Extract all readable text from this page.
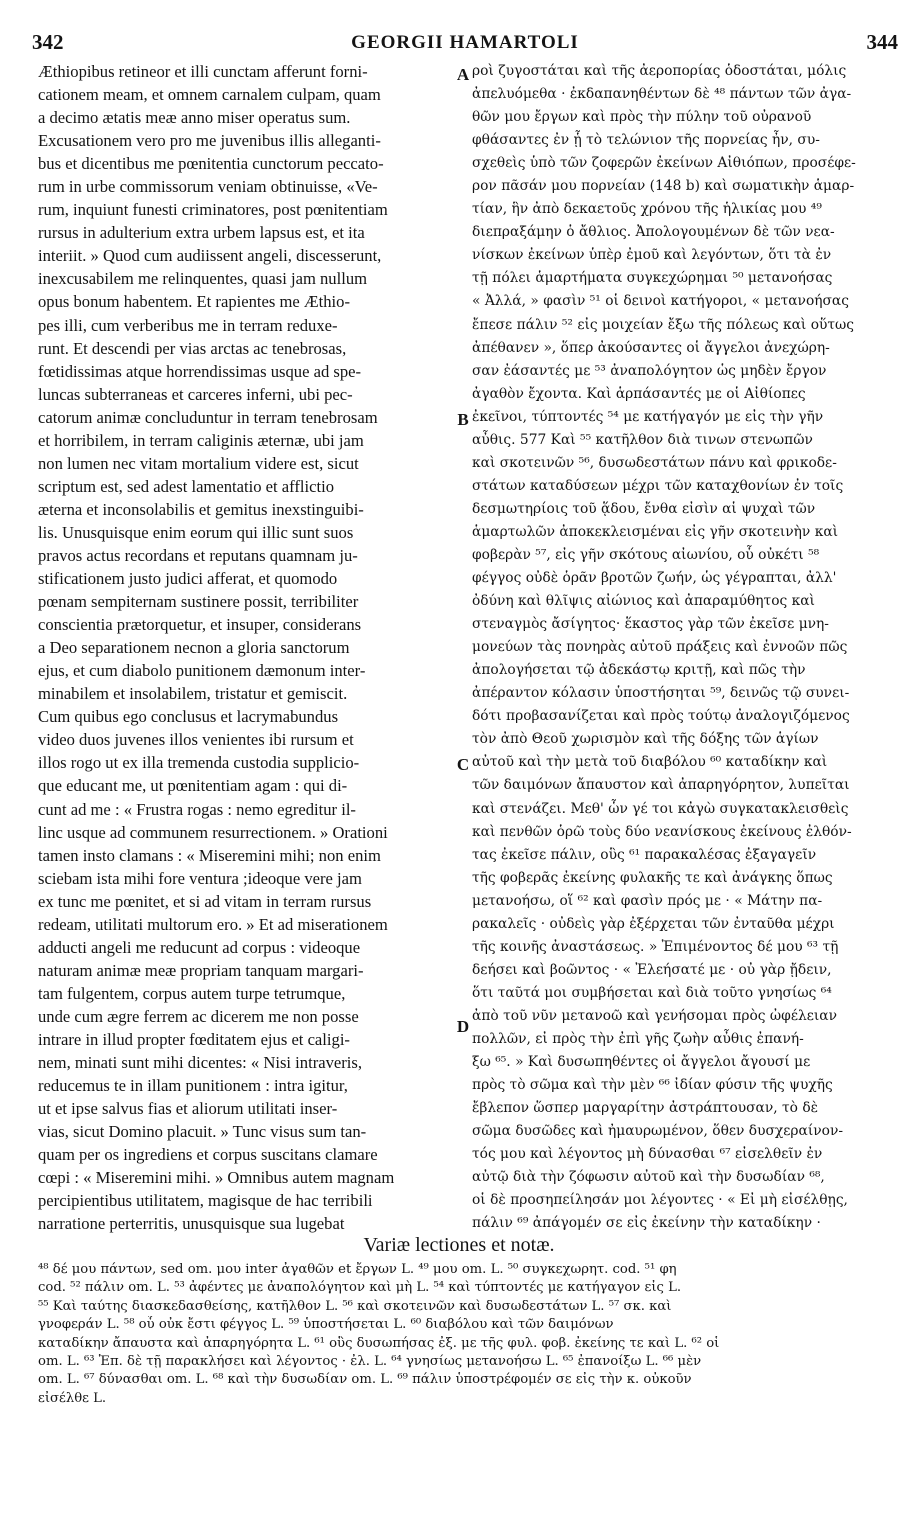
342	GEORGII HAMARTOLI	344
Æthiopibus retineor et illi cunctam afferunt forni-
cationem meam, et omnem carnalem culpam, quam
a decimo ætatis meæ anno miser operatus sum.
Excusationem vero pro me juvenibus illis alleganti-
bus et dicentibus me pœnitentia cunctorum peccato-
rum in urbe commissorum veniam obtinuisse, «Ve-
rum, inquiunt funesti criminatores, post pœnitentiam
rursus in adulterium extra urbem lapsus est, et ita
interiit. » Quod cum audiissent angeli, discesserunt,
inexcusabilem me relinquentes, quasi jam nullum
opus bonum habentem. Et rapientes me Æthio-
pes illi, cum verberibus me in terram reduxe-
runt. Et descendi per vias arctas ac tenebrosas,
fœtidissimas atque horrendissimas usque ad spe-
luncas subterraneas et carceres inferni, ubi pec-
catorum animæ concluduntur in terram tenebrosam
et horribilem, in terram caliginis æternæ, ubi jam
non lumen nec vitam mortalium videre est, sicut
scriptum est, sed adest lamentatio et afflictio
æterna et inconsolabilis et gemitus inexstinguibi-
lis. Unusquisque enim eorum qui illic sunt suos
pravos actus recordans et reputans quamnam ju-
stificationem justo judici afferat, et quomodo
pœnam sempiternam sustinere possit, terribiliter
conscientia prætorquetur, et insuper, considerans
a Deo separationem necnon a gloria sanctorum
ejus, et cum diabolo punitionem dæmonum inter-
minabilem et insolabilem, tristatur et gemiscit.
Cum quibus ego conclusus et lacrymabundus
video duos juvenes illos venientes ibi rursum et
illos rogo ut ex illa tremenda custodia supplicio-
que educant me, ut pœnitentiam agam : qui di-
cunt ad me : « Frustra rogas : nemo egreditur il-
linc usque ad communem resurrectionem. » Orationi
tamen insto clamans : « Miseremini mihi; non enim
sciebam ista mihi fore ventura ;ideoque vere jam
ex tunc me pœnitet, et si ad vitam in terram rursus
redeam, utilitati multorum ero. » Et ad miserationem
adducti angeli me reducunt ad corpus : videoque
naturam animæ meæ propriam tanquam margari-
tam fulgentem, corpus autem turpe tetrumque,
unde cum ægre ferrem ac dicerem me non posse
intrare in illud propter fœditatem ejus et caligi-
nem, minati sunt mihi dicentes: « Nisi intraveris,
reducemus te in illam punitionem : intra igitur,
ut et ipse salvus fias et aliorum utilitati inser-
vias, sicut Domino placuit. » Tunc visus sum tan-
quam per os ingrediens et corpus suscitans clamare
cœpi : « Miseremini mihi. » Omnibus autem magnam
percipientibus utilitatem, magisque de hac terribili
narratione perterritis, unusquisque sua lugebat
A
B
C
D
ροὶ ζυγοστάται καὶ τῆς ἀεροπορίας ὁδοστάται, μόλις
ἀπελυόμεθα · ἐκδαπανηθέντων δὲ ⁴⁸ πάντων τῶν ἀγα-
θῶν μου ἔργων καὶ πρὸς τὴν πύλην τοῦ οὐρανοῦ
φθάσαντες ἐν ᾗ τὸ τελώνιον τῆς πορνείας ἦν, συ-
σχεθεὶς ὑπὸ τῶν ζοφερῶν ἐκείνων Αἰθιόπων, προσέφε-
ρον πᾶσάν μου πορνείαν (148 b) καὶ σωματικὴν ἁμαρ-
τίαν, ἣν ἀπὸ δεκαετοῦς χρόνου τῆς ἡλικίας μου ⁴⁹
διεπραξάμην ὁ ἄθλιος. Ἀπολογουμένων δὲ τῶν νεα-
νίσκων ἐκείνων ὑπὲρ ἐμοῦ καὶ λεγόντων, ὅτι τὰ ἐν
τῇ πόλει ἁμαρτήματα συγκεχώρημαι ⁵⁰ μετανοήσας
« Ἀλλά, » φασὶν ⁵¹ οἱ δεινοὶ κατήγοροι, « μετανοήσας
ἔπεσε πάλιν ⁵² εἰς μοιχείαν ἔξω τῆς πόλεως καὶ οὕτως
ἀπέθανεν », ὅπερ ἀκούσαντες οἱ ἄγγελοι ἀνεχώρη-
σαν ἐάσαντές με ⁵³ ἀναπολόγητον ὡς μηδὲν ἔργον
ἀγαθὸν ἔχοντα. Καὶ ἁρπάσαντές με οἱ Αἰθίοπες
ἐκεῖνοι, τύπτοντές ⁵⁴ με κατήγαγόν με εἰς τὴν γῆν
αὖθις. 577 Καὶ ⁵⁵ κατῆλθον διὰ τινων στενωπῶν
καὶ σκοτεινῶν ⁵⁶, δυσωδεστάτων πάνυ καὶ φρικοδε-
στάτων καταδύσεων μέχρι τῶν καταχθονίων ἐν τοῖς
δεσμωτηρίοις τοῦ ᾅδου, ἔνθα εἰσὶν αἱ ψυχαὶ τῶν
ἁμαρτωλῶν ἀποκεκλεισμέναι εἰς γῆν σκοτεινὴν καὶ
φοβερὰν ⁵⁷, εἰς γῆν σκότους αἰωνίου, οὗ οὐκέτι ⁵⁸
φέγγος οὐδὲ ὁρᾶν βροτῶν ζωήν, ὡς γέγραπται, ἀλλ'
ὀδύνη καὶ θλῖψις αἰώνιος καὶ ἀπαραμύθητος καὶ
στεναγμὸς ἄσίγητος· ἕκαστος γὰρ τῶν ἐκεῖσε μνη-
μονεύων τὰς πονηρὰς αὐτοῦ πράξεις καὶ ἐννοῶν πῶς
ἀπολογήσεται τῷ ἀδεκάστῳ κριτῇ, καὶ πῶς τὴν
ἀπέραντον κόλασιν ὑποστήσηται ⁵⁹, δεινῶς τῷ συνει-
δότι προβασανίζεται καὶ πρὸς τούτῳ ἀναλογιζόμενος
τὸν ἀπὸ Θεοῦ χωρισμὸν καὶ τῆς δόξης τῶν ἁγίων
αὐτοῦ καὶ τὴν μετὰ τοῦ διαβόλου ⁶⁰ καταδίκην καὶ
τῶν δαιμόνων ἄπαυστον καὶ ἀπαρηγόρητον, λυπεῖται
καὶ στενάζει. Μεθ' ὧν γέ τοι κἀγὼ συγκατακλεισθεὶς
καὶ πενθῶν ὁρῶ τοὺς δύο νεανίσκους ἐκείνους ἐλθόν-
τας ἐκεῖσε πάλιν, οὓς ⁶¹ παρακαλέσας ἐξαγαγεῖν
τῆς φοβερᾶς ἐκείνης φυλακῆς τε καὶ ἀνάγκης ὅπως
μετανοήσω, οἵ ⁶² καὶ φασὶν πρός με · « Μάτην πα-
ρακαλεῖς · οὐδεὶς γὰρ ἐξέρχεται τῶν ἐνταῦθα μέχρι
τῆς κοινῆς ἀναστάσεως. » Ἐπιμένοντος δέ μου ⁶³ τῇ
δεήσει καὶ βοῶντος · « Ἐλεήσατέ με · οὐ γὰρ ᾔδειν,
ὅτι ταῦτά μοι συμβήσεται καὶ διὰ τοῦτο γνησίως ⁶⁴
ἀπὸ τοῦ νῦν μετανοῶ καὶ γενήσομαι πρὸς ὠφέλειαν
πολλῶν, εἰ πρὸς τὴν ἐπὶ γῆς ζωὴν αὖθις ἐπανή-
ξω ⁶⁵. » Καὶ δυσωπηθέντες οἱ ἄγγελοι ἄγουσί με
πρὸς τὸ σῶμα καὶ τὴν μὲν ⁶⁶ ἰδίαν φύσιν τῆς ψυχῆς
ἔβλεπον ὥσπερ μαργαρίτην ἀστράπτουσαν, τὸ δὲ
σῶμα δυσῶδες καὶ ἠμαυρωμένον, ὅθεν δυσχεραίνον-
τός μου καὶ λέγοντος μὴ δύνασθαι ⁶⁷ εἰσελθεῖν ἐν
αὐτῷ διὰ τὴν ζόφωσιν αὐτοῦ καὶ τὴν δυσωδίαν ⁶⁸,
οἱ δὲ προσηπείλησάν μοι λέγοντες · « Εἰ μὴ εἰσέλθῃς,
πάλιν ⁶⁹ ἀπάγομέν σε εἰς ἐκείνην τὴν καταδίκην ·
Variæ lectiones et notæ.
⁴⁸ δέ μου πάντων, sed om. μου inter ἀγαθῶν et ἔργων L. ⁴⁹ μου om. L. ⁵⁰ συγκεχωρητ. cod. ⁵¹ φη
cod. ⁵² πάλιν om. L. ⁵³ ἀφέντες με ἀναπολόγητον καὶ μὴ L. ⁵⁴ καὶ τύπτοντές με κατήγαγον εἰς L.
⁵⁵ Καὶ ταύτης διασκεδασθείσης, κατῆλθον L. ⁵⁶ καὶ σκοτεινῶν καὶ δυσωδεστάτων L. ⁵⁷ σκ. καὶ
γνοφεράν L. ⁵⁸ οὗ οὐκ ἔστι φέγγος L. ⁵⁹ ὑποστήσεται L. ⁶⁰ διαβόλου καὶ τῶν δαιμόνων
καταδίκην ἄπαυστα καὶ ἀπαρηγόρητα L. ⁶¹ οὓς δυσωπήσας ἐξ. με τῆς φυλ. φοβ. ἐκείνης τε καὶ L. ⁶² οἱ
om. L. ⁶³ Ἐπ. δὲ τῇ παρακλήσει καὶ λέγοντος · ἐλ. L. ⁶⁴ γνησίως μετανοήσω L. ⁶⁵ ἐπανοίξω L. ⁶⁶ μὲν
om. L. ⁶⁷ δύνασθαι om. L. ⁶⁸ καὶ τὴν δυσωδίαν om. L. ⁶⁹ πάλιν ὑποστρέφομέν σε εἰς τὴν κ. οὐκοῦν
εἰσέλθε L.
